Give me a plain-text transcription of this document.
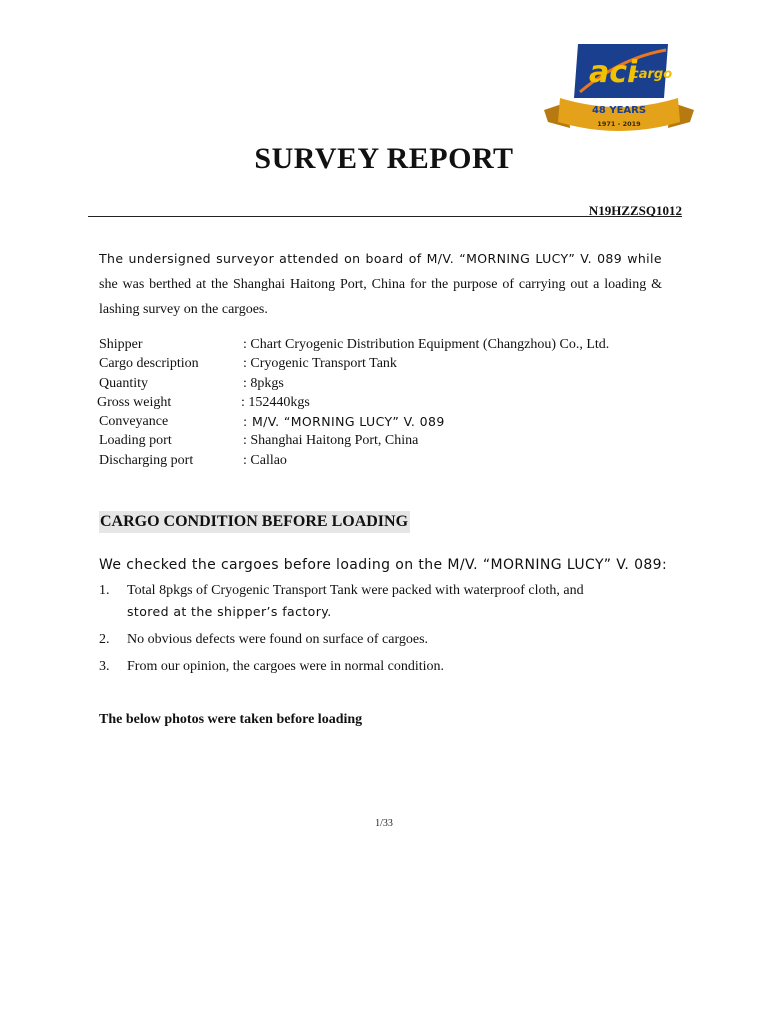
aci
cargo
48 YEARS
1971 - 2019
SURVEY REPORT
N19HZZSQ1012
The undersigned surveyor attended on board of M/V. “MORNING LUCY” V. 089 while she was berthed at the Shanghai Haitong Port, China for the purpose of carrying out a loading & lashing survey on the cargoes.
Shipper	: Chart Cryogenic Distribution Equipment (Changzhou) Co., Ltd.
Cargo description	: Cryogenic Transport Tank
Quantity	: 8pkgs
Gross weight	: 152440kgs
Conveyance	: M/V. “MORNING LUCY” V. 089
Loading port	: Shanghai Haitong Port, China
Discharging port	: Callao
CARGO CONDITION BEFORE LOADING
We checked the cargoes before loading on the M/V. “MORNING LUCY” V. 089:
1. Total 8pkgs of Cryogenic Transport Tank were packed with waterproof cloth, and
stored at the shipper’s factory.
2. No obvious defects were found on surface of cargoes.
3. From our opinion, the cargoes were in normal condition.
The below photos were taken before loading
1/33
